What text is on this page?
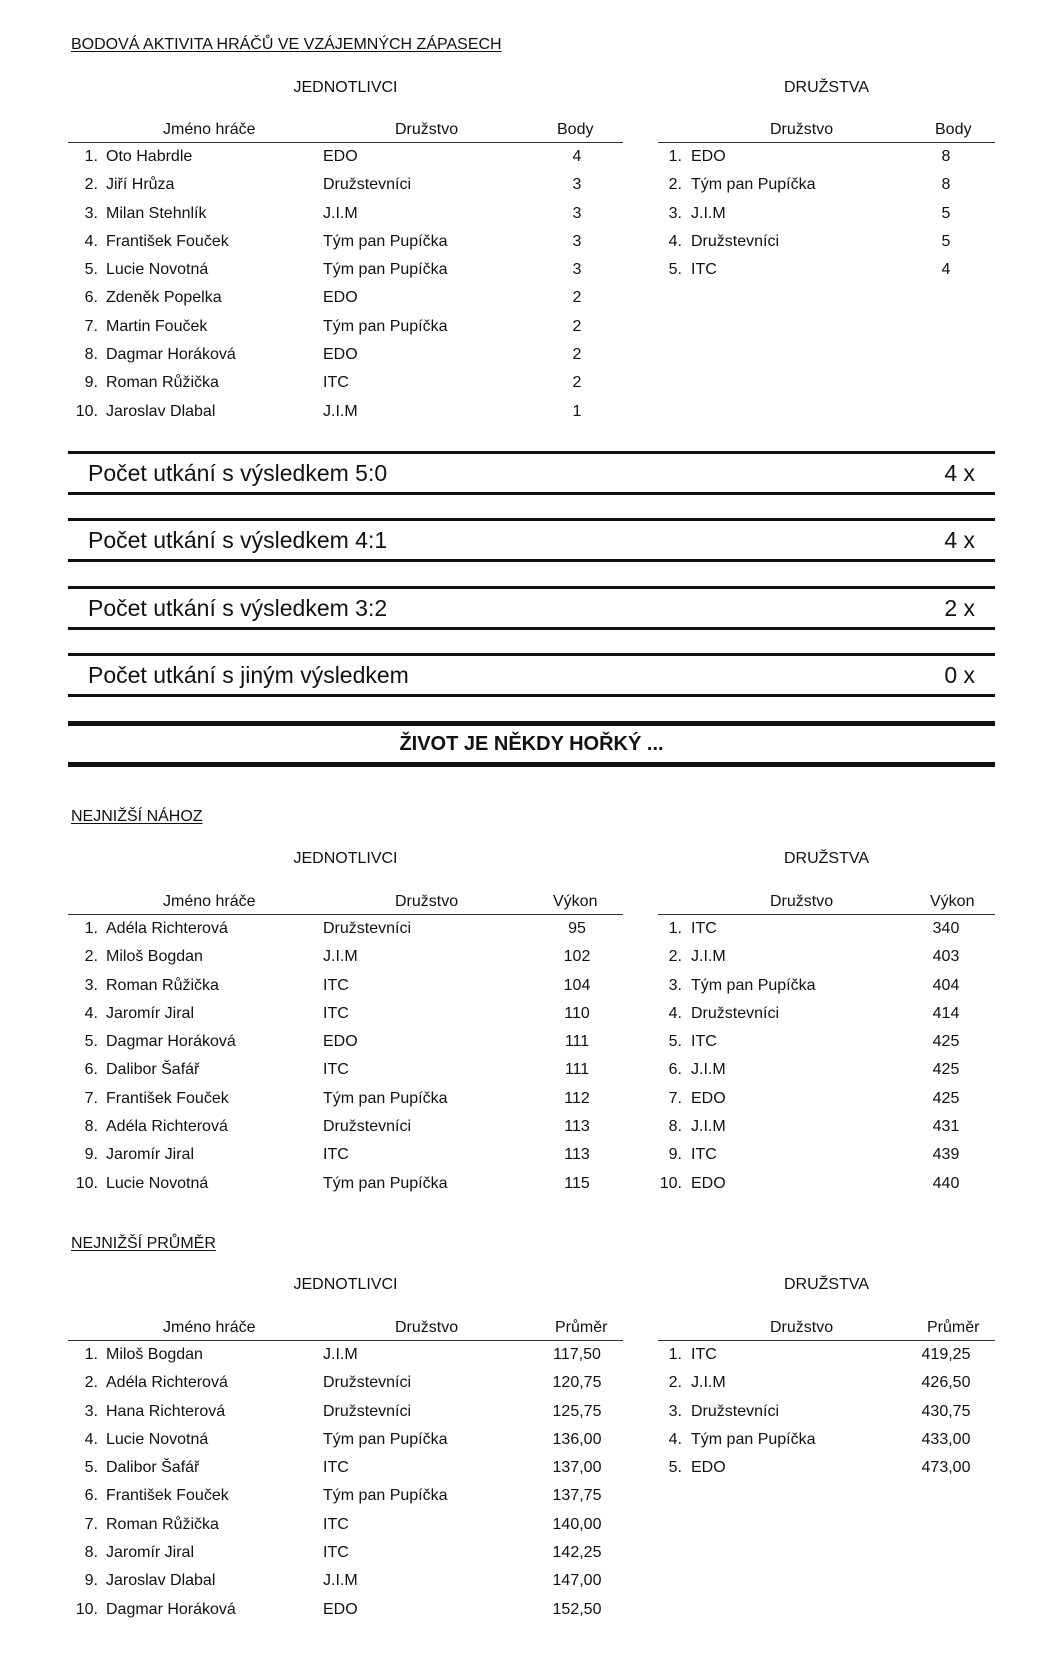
BODOVÁ AKTIVITA HRÁČŮ VE VZÁJEMNÝCH ZÁPASECH
JEDNOTLIVCI	DRUŽSTVA
Jméno hráče	Družstvo	Body
1. Oto Habrdle	EDO	4
2. Jiří Hrůza	Družstevníci	3
3. Milan Stehnlík	J.I.M	3
4. František Fouček	Tým pan Pupíčka	3
5. Lucie Novotná	Tým pan Pupíčka	3
6. Zdeněk Popelka	EDO	2
7. Martin Fouček	Tým pan Pupíčka	2
8. Dagmar Horáková	EDO	2
9. Roman Růžička	ITC	2
10. Jaroslav Dlabal	J.I.M	1
Družstvo	Body
1. EDO	8
2. Tým pan Pupíčka	8
3. J.I.M	5
4. Družstevníci	5
5. ITC	4
Počet utkání s výsledkem 5:0	4 x
Počet utkání s výsledkem 4:1	4 x
Počet utkání s výsledkem 3:2	2 x
Počet utkání s jiným výsledkem	0 x
ŽIVOT JE NĚKDY HOŘKÝ ...
NEJNIŽŠÍ NÁHOZ
JEDNOTLIVCI	DRUŽSTVA
Jméno hráče	Družstvo	Výkon
1. Adéla Richterová	Družstevníci	95
2. Miloš Bogdan	J.I.M	102
3. Roman Růžička	ITC	104
4. Jaromír Jiral	ITC	110
5. Dagmar Horáková	EDO	111
6. Dalibor Šafář	ITC	111
7. František Fouček	Tým pan Pupíčka	112
8. Adéla Richterová	Družstevníci	113
9. Jaromír Jiral	ITC	113
10. Lucie Novotná	Tým pan Pupíčka	115
Družstvo	Výkon
1. ITC	340
2. J.I.M	403
3. Tým pan Pupíčka	404
4. Družstevníci	414
5. ITC	425
6. J.I.M	425
7. EDO	425
8. J.I.M	431
9. ITC	439
10. EDO	440
NEJNIŽŠÍ PRŮMĚR
JEDNOTLIVCI	DRUŽSTVA
Jméno hráče	Družstvo	Průměr
1. Miloš Bogdan	J.I.M	117,50
2. Adéla Richterová	Družstevníci	120,75
3. Hana Richterová	Družstevníci	125,75
4. Lucie Novotná	Tým pan Pupíčka	136,00
5. Dalibor Šafář	ITC	137,00
6. František Fouček	Tým pan Pupíčka	137,75
7. Roman Růžička	ITC	140,00
8. Jaromír Jiral	ITC	142,25
9. Jaroslav Dlabal	J.I.M	147,00
10. Dagmar Horáková	EDO	152,50
Družstvo	Průměr
1. ITC	419,25
2. J.I.M	426,50
3. Družstevníci	430,75
4. Tým pan Pupíčka	433,00
5. EDO	473,00
